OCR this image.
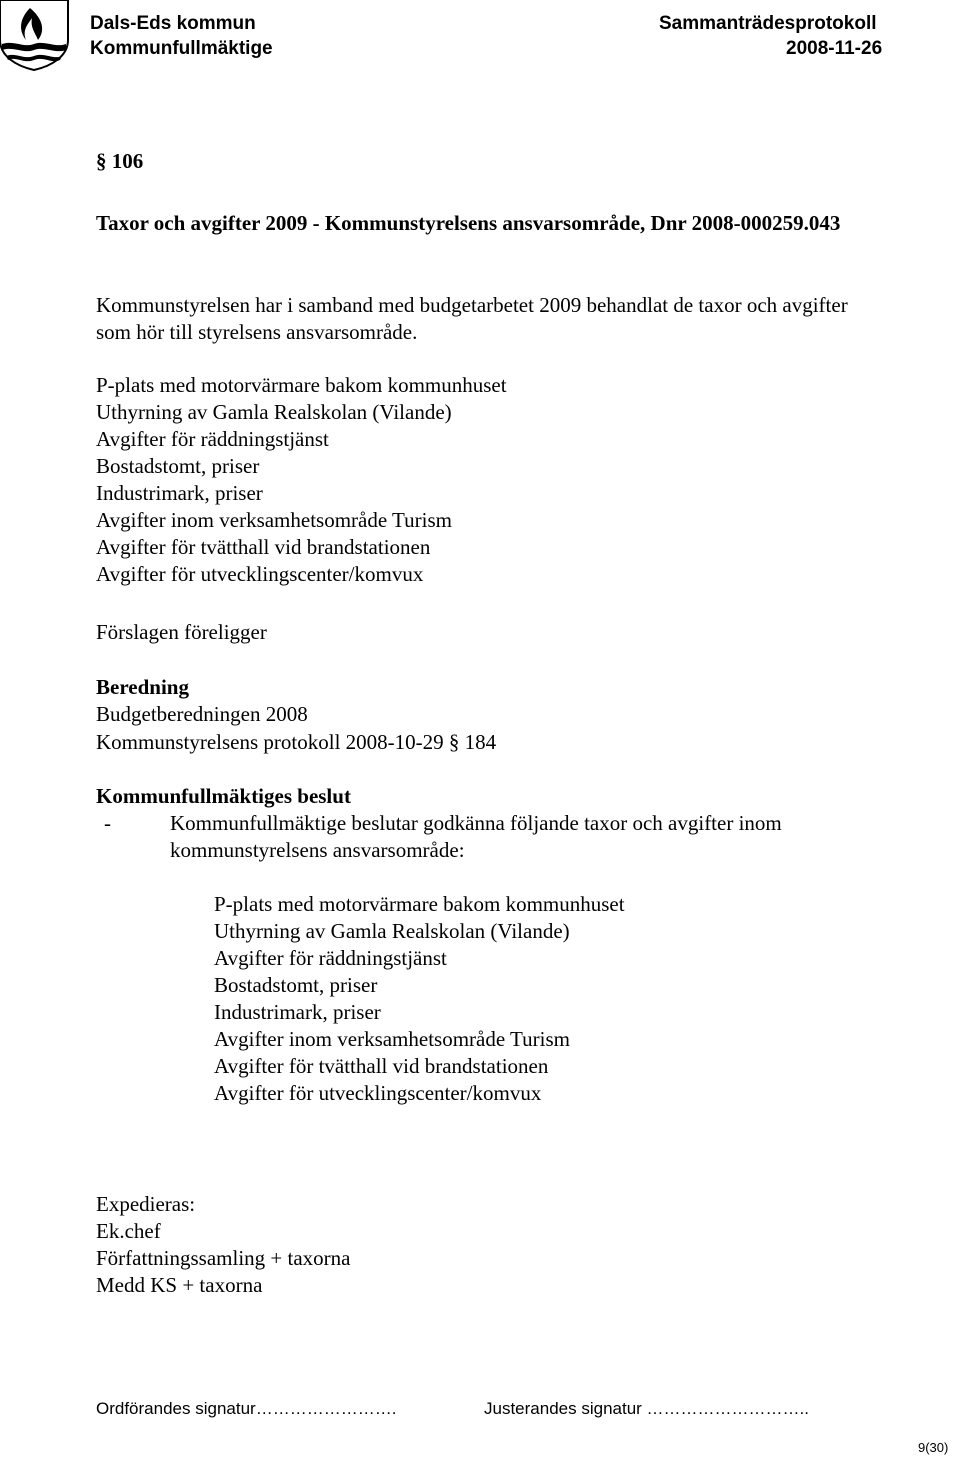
Dals-Eds kommun
Kommunfullmäktige
Sammanträdesprotokoll
2008-11-26
§ 106
Taxor och avgifter 2009 - Kommunstyrelsens ansvarsområde, Dnr 2008-000259.043
Kommunstyrelsen har i samband med budgetarbetet 2009 behandlat de taxor och avgifter som hör till styrelsens ansvarsområde.
P-plats med motorvärmare bakom kommunhuset
Uthyrning av Gamla Realskolan (Vilande)
Avgifter för räddningstjänst
Bostadstomt, priser
Industrimark, priser
Avgifter inom verksamhetsområde Turism
Avgifter för tvätthall vid brandstationen
Avgifter för utvecklingscenter/komvux
Förslagen föreligger
Beredning
Budgetberedningen 2008
Kommunstyrelsens protokoll 2008-10-29 § 184
Kommunfullmäktiges beslut
-	Kommunfullmäktige beslutar godkänna följande taxor och avgifter inom kommunstyrelsens ansvarsområde:
P-plats med motorvärmare bakom kommunhuset
Uthyrning av Gamla Realskolan (Vilande)
Avgifter för räddningstjänst
Bostadstomt, priser
Industrimark, priser
Avgifter inom verksamhetsområde Turism
Avgifter för tvätthall vid brandstationen
Avgifter för utvecklingscenter/komvux
Expedieras:
Ek.chef
Författningssamling + taxorna
Medd KS + taxorna
Ordförandes signatur…………………….	Justerandes signatur ………………………..
9(30)
